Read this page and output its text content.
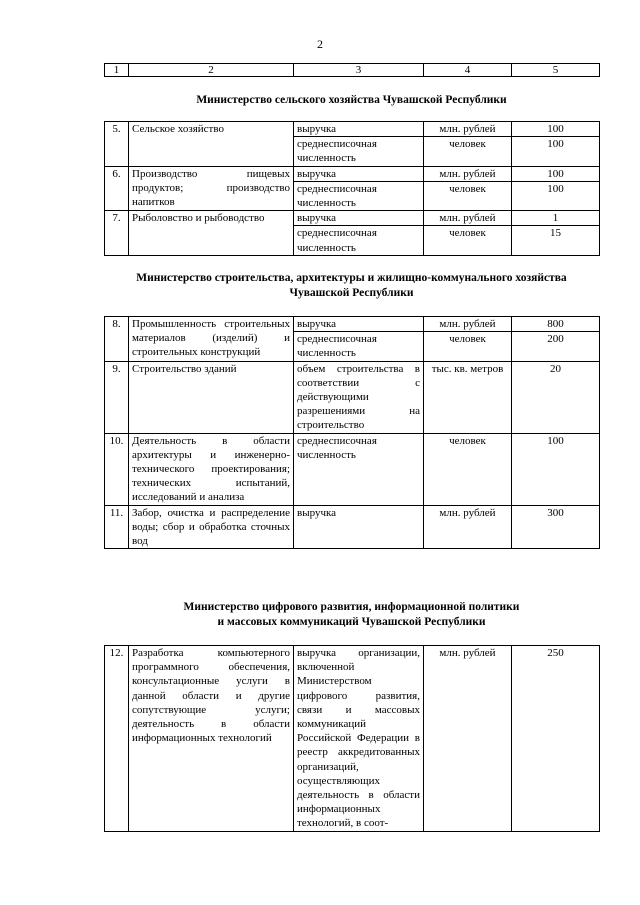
2
1	2	3	4	5
Министерство сельского хозяйства Чувашской Республики
5.	Сельское хозяйство	выручка	млн. рублей	100
		среднесписочная численность	человек	100
6.	Производство пищевых продуктов; производство напитков	выручка	млн. рублей	100
		среднесписочная численность	человек	100
7.	Рыболовство и рыбоводство	выручка	млн. рублей	1
		среднесписочная численность	человек	15
Министерство строительства, архитектуры и жилищно-коммунального хозяйства
Чувашской Республики
8.	Промышленность строительных материалов (изделий) и строительных конструкций	выручка	млн. рублей	800
		среднесписочная численность	человек	200
9.	Строительство зданий	объем строительства в соответствии с действующими разрешениями на строительство	тыс. кв. метров	20
10.	Деятельность в области архитектуры и инженерно-технического проектирования; технических испытаний, исследований и анализа	среднесписочная численность	человек	100
11.	Забор, очистка и распределение воды; сбор и обработка сточных вод	выручка	млн. рублей	300
Министерство цифрового развития, информационной политики
и массовых коммуникаций Чувашской Республики
12.	Разработка компьютерного программного обеспечения, консультационные услуги в данной области и другие сопутствующие услуги; деятельность в области информационных технологий	выручка организации, включенной Министерством цифрового развития, связи и массовых коммуникаций Российской Федерации в реестр аккредитованных организаций, осуществляющих деятельность в области информационных технологий, в соот-	млн. рублей	250
